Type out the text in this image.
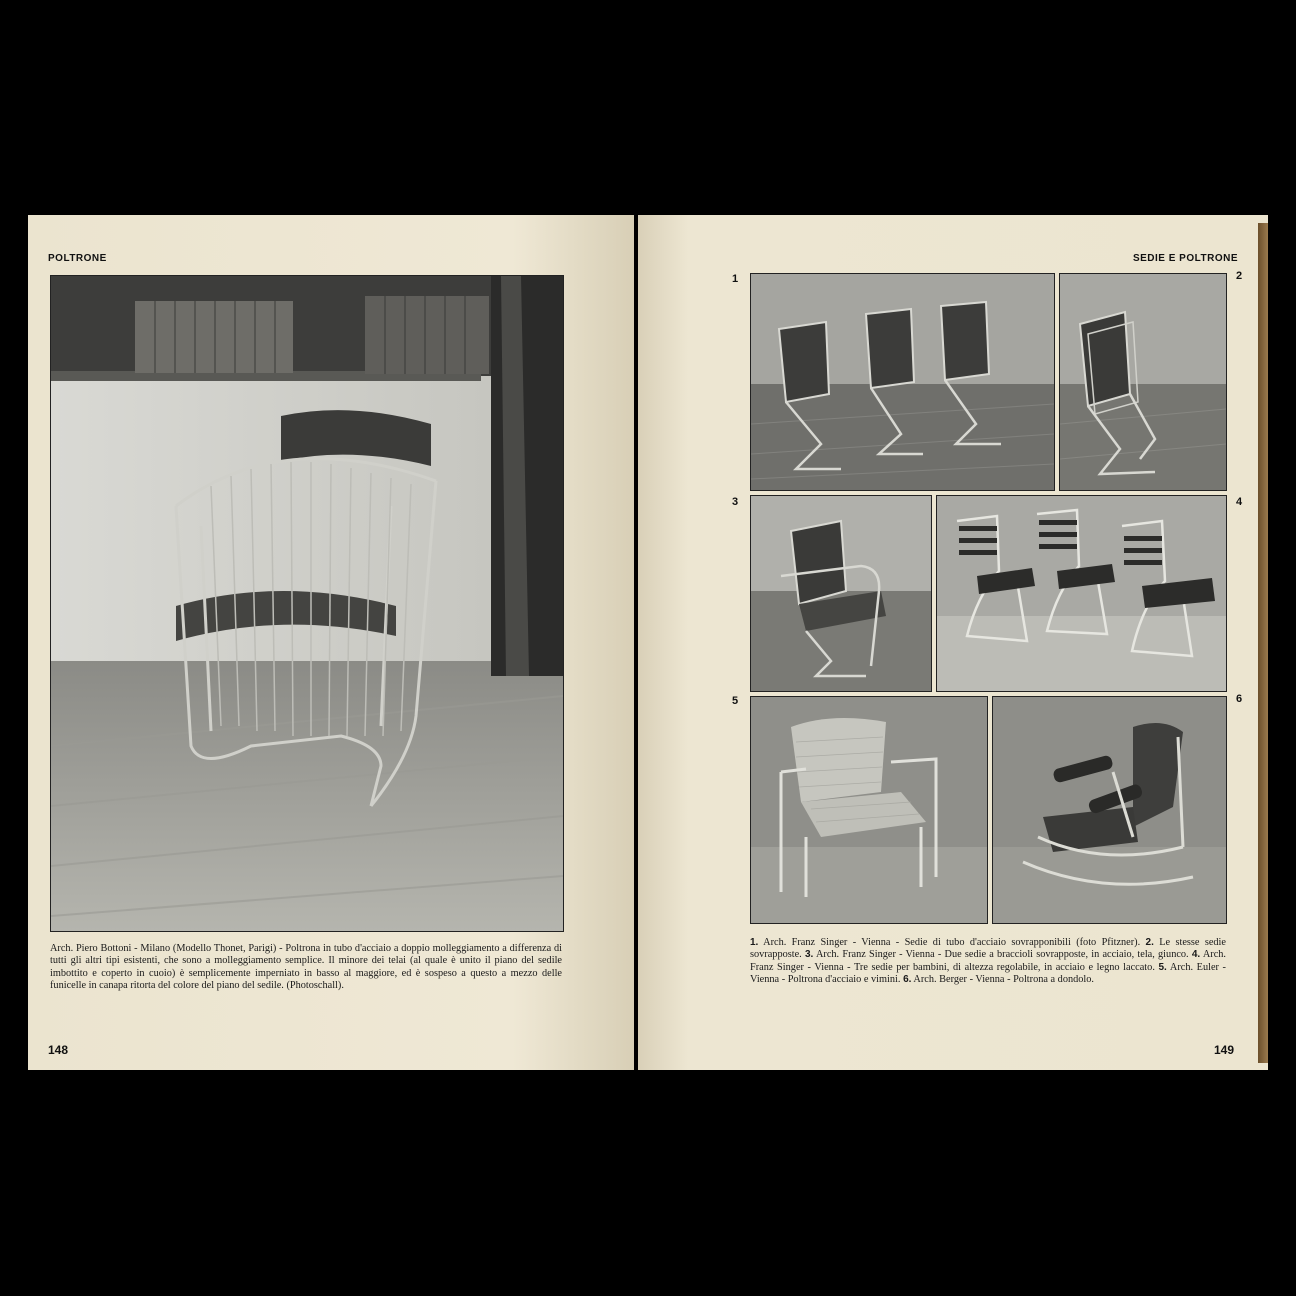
POLTRONE
Arch. Piero Bottoni - Milano (Modello Thonet, Parigi) - Poltrona in tubo d'acciaio a doppio molleggiamento a differenza di tutti gli altri tipi esistenti, che sono a molleggiamento semplice. Il minore dei telai (al quale è unito il piano del sedile imbottito e coperto in cuoio) è semplicemente imperniato in basso al maggiore, ed è sospeso a questo a mezzo delle funicelle in canapa ritorta del colore del piano del sedile. (Photoschall).
148
SEDIE E POLTRONE
1	2
3	4
5	6
1. Arch. Franz Singer - Vienna - Sedie di tubo d'acciaio sovrapponibili (foto Pfitzner). 2. Le stesse sedie sovrapposte. 3. Arch. Franz Singer - Vienna - Due sedie a braccioli sovrapposte, in acciaio, tela, giunco. 4. Arch. Franz Singer - Vienna - Tre sedie per bambini, di altezza regolabile, in acciaio e legno laccato. 5. Arch. Euler - Vienna - Poltrona d'acciaio e vimini. 6. Arch. Berger - Vienna - Poltrona a dondolo.
149
